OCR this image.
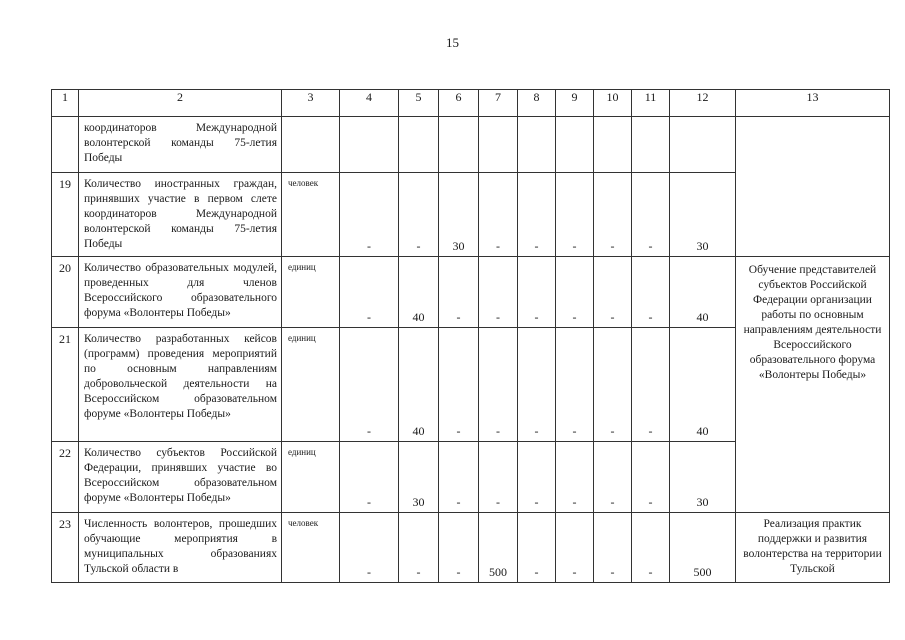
15
1	2	3	4	5	6	7	8	9	10	11	12	13
	координаторов Международной волонтерской команды 75-летия Победы											
19	Количество иностранных граждан, принявших участие в первом слете координаторов Международной волонтерской команды 75-летия Победы	человек	-	-	30	-	-	-	-	-	30	
20	Количество образовательных модулей, проведенных для членов Всероссийского образовательного форума «Волонтеры Победы»	единиц	-	40	-	-	-	-	-	-	40	Обучение представителей субъектов Российской Федерации организации работы по основным направлениям деятельности Всероссийского образовательного форума «Волонтеры Победы»
21	Количество разработанных кейсов (программ) проведения мероприятий по основным направлениям добровольческой деятельности на Всероссийском образовательном форуме «Волонтеры Победы»	единиц	-	40	-	-	-	-	-	-	40	
22	Количество субъектов Российской Федерации, принявших участие во Всероссийском образовательном форуме «Волонтеры Победы»	единиц	-	30	-	-	-	-	-	-	30	
23	Численность волонтеров, прошедших обучающие мероприятия в муниципальных образованиях Тульской области в	человек	-	-	-	500	-	-	-	-	500	Реализация практик поддержки и развития волонтерства на территории Тульской
